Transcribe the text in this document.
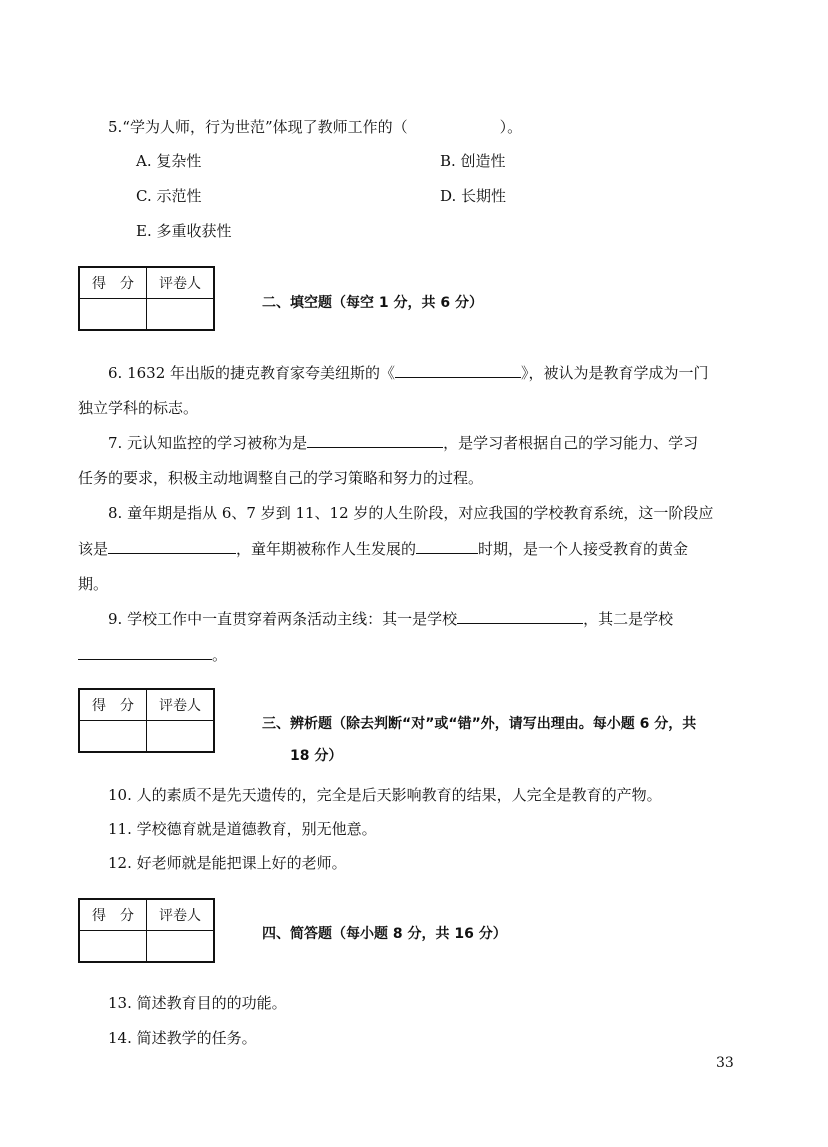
5.“学为人师，行为世范”体现了教师工作的（	）。
A. 复杂性	B. 创造性
C. 示范性	D. 长期性
E. 多重收获性
得　分	评卷人

二、填空题（每空 1 分，共 6 分）
6. 1632 年出版的捷克教育家夸美纽斯的《	》，被认为是教育学成为一门
独立学科的标志。
7. 元认知监控的学习被称为是	，是学习者根据自己的学习能力、学习
任务的要求，积极主动地调整自己的学习策略和努力的过程。
8. 童年期是指从 6、7 岁到 11、12 岁的人生阶段，对应我国的学校教育系统，这一阶段应
该是	，童年期被称作人生发展的	时期，是一个人接受教育的黄金
期。
9. 学校工作中一直贯穿着两条活动主线：其一是学校	，其二是学校
。
得　分	评卷人

三、辨析题（除去判断“对”或“错”外，请写出理由。每小题 6 分，共
18 分）
10. 人的素质不是先天遗传的，完全是后天影响教育的结果，人完全是教育的产物。
11. 学校德育就是道德教育，别无他意。
12. 好老师就是能把课上好的老师。
得　分	评卷人

四、简答题（每小题 8 分，共 16 分）
13. 简述教育目的的功能。
14. 简述教学的任务。
33
